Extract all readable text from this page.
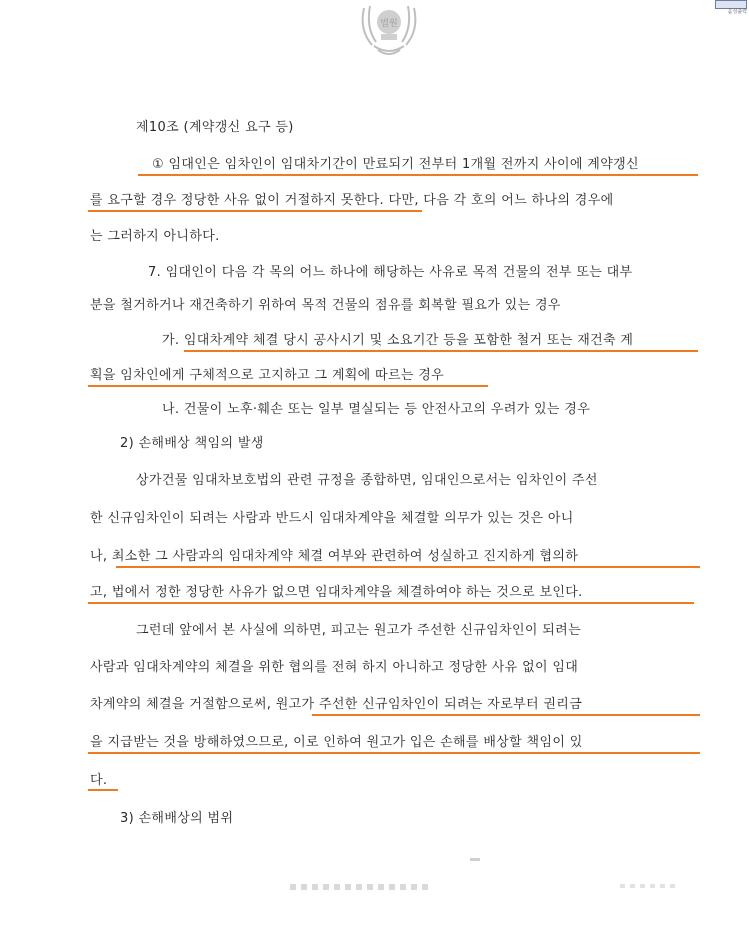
법원
음성출력
제10조 (계약갱신 요구 등)
① 임대인은 임차인이 임대차기간이 만료되기 전부터 1개월 전까지 사이에 계약갱신
를 요구할 경우 정당한 사유 없이 거절하지 못한다. 다만, 다음 각 호의 어느 하나의 경우에
는 그러하지 아니하다.
7. 임대인이 다음 각 목의 어느 하나에 해당하는 사유로 목적 건물의 전부 또는 대부
분을 철거하거나 재건축하기 위하여 목적 건물의 점유를 회복할 필요가 있는 경우
가. 임대차계약 체결 당시 공사시기 및 소요기간 등을 포함한 철거 또는 재건축 계
획을 임차인에게 구체적으로 고지하고 그 계획에 따르는 경우
나. 건물이 노후·훼손 또는 일부 멸실되는 등 안전사고의 우려가 있는 경우
2) 손해배상 책임의 발생
상가건물 임대차보호법의 관련 규정을 종합하면, 임대인으로서는 임차인이 주선
한 신규임차인이 되려는 사람과 반드시 임대차계약을 체결할 의무가 있는 것은 아니
나, 최소한 그 사람과의 임대차계약 체결 여부와 관련하여 성실하고 진지하게 협의하
고, 법에서 정한 정당한 사유가 없으면 임대차계약을 체결하여야 하는 것으로 보인다.
그런데 앞에서 본 사실에 의하면, 피고는 원고가 주선한 신규임차인이 되려는
사람과 임대차계약의 체결을 위한 협의를 전혀 하지 아니하고 정당한 사유 없이 임대
차계약의 체결을 거절함으로써, 원고가 주선한 신규임차인이 되려는 자로부터 권리금
을 지급받는 것을 방해하였으므로, 이로 인하여 원고가 입은 손해를 배상할 책임이 있
다.
3) 손해배상의 범위
